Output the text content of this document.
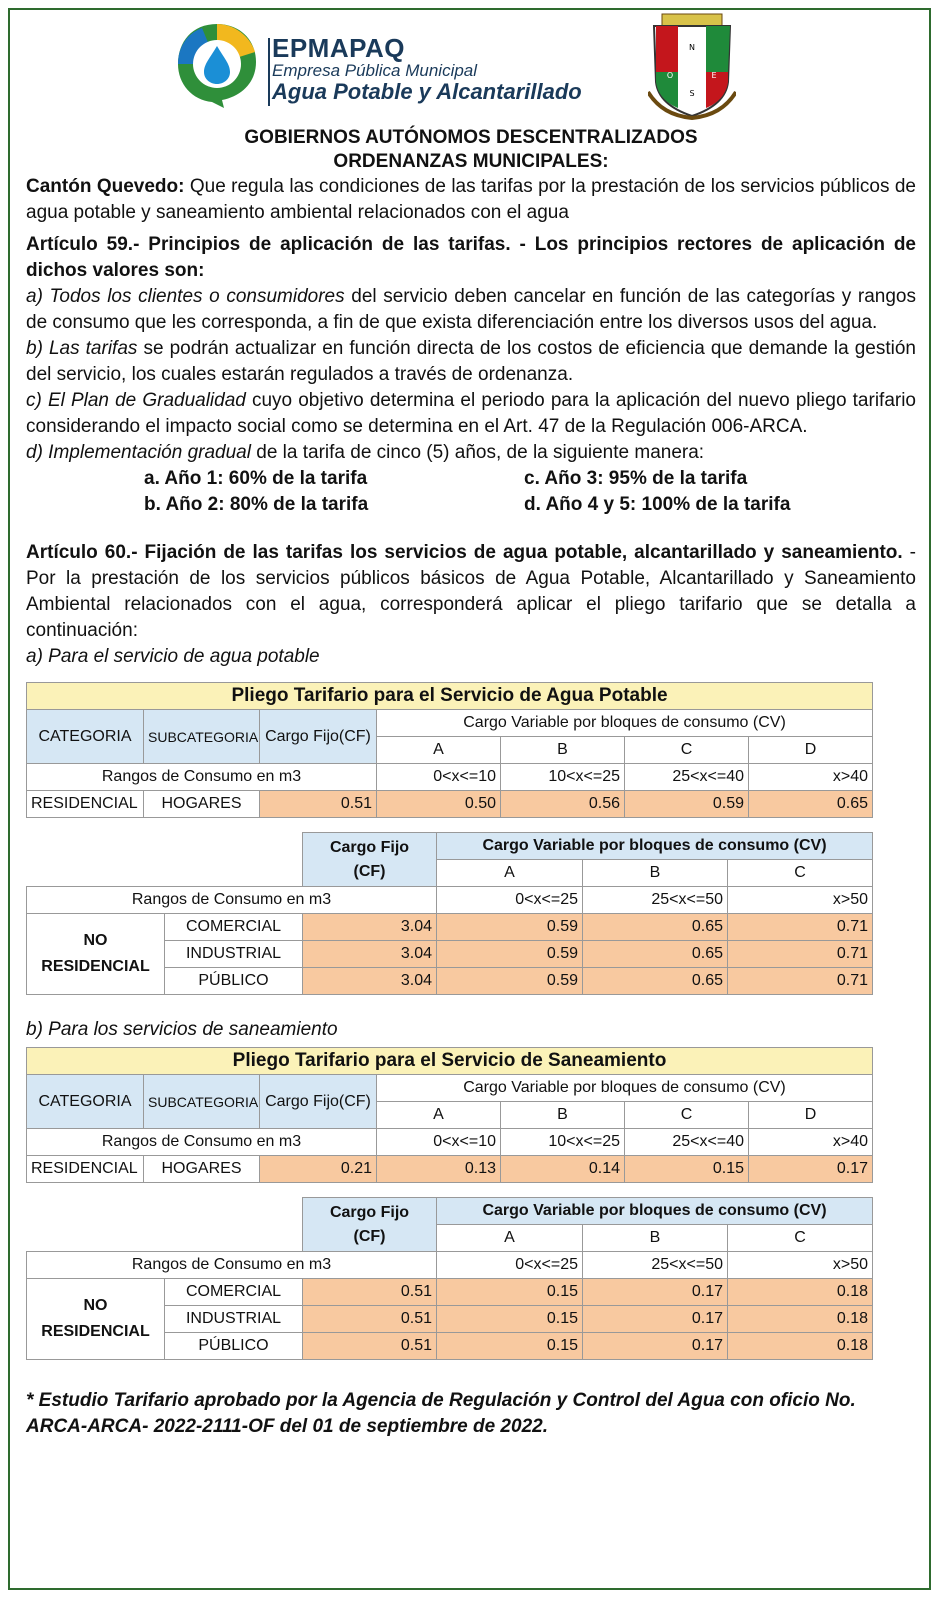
EPMAPAQ
Empresa Pública Municipal
Agua Potable y Alcantarillado
N
O	E
S
GOBIERNOS AUTÓNOMOS DESCENTRALIZADOS
ORDENANZAS MUNICIPALES:

Cantón Quevedo: Que regula las condiciones de las tarifas por la prestación de los servicios públicos de agua potable y saneamiento ambiental relacionados con el agua

Artículo 59.- Principios de aplicación de las tarifas. - Los principios rectores de aplicación de dichos valores son:

a) Todos los clientes o consumidores del servicio deben cancelar en función de las categorías y rangos de consumo que les corresponda, a fin de que exista diferenciación entre los diversos usos del agua.

b) Las tarifas se podrán actualizar en función directa de los costos de eficiencia que demande la gestión del servicio, los cuales estarán regulados a través de ordenanza.

c) El Plan de Gradualidad cuyo objetivo determina el periodo para la aplicación del nuevo pliego tarifario considerando el impacto social como se determina en el Art. 47 de la Regulación 006-ARCA.

d) Implementación gradual de la tarifa de cinco (5) años, de la siguiente manera:

a. Año 1: 60% de la tarifa	c. Año 3: 95% de la tarifa
b. Año 2: 80% de la tarifa	d. Año 4 y 5: 100% de la tarifa

Artículo 60.- Fijación de las tarifas los servicios de agua potable, alcantarillado y saneamiento. - Por la prestación de los servicios públicos básicos de Agua Potable, Alcantarillado y Saneamiento Ambiental relacionados con el agua, corresponderá aplicar el pliego tarifario que se detalla a continuación:

a) Para el servicio de agua potable

Pliego Tarifario para el Servicio de Agua Potable						
CATEGORIA	SUBCATEGORIA	Cargo Fijo(CF)	Cargo Variable por bloques de consumo (CV)			
			A	B	C	D
Rangos de Consumo en m3			0<x<=10	10<x<=25	25<x<=40	x>40
RESIDENCIAL	HOGARES	0.51	0.50	0.56	0.59	0.65
		Cargo Fijo
(CF)	Cargo Variable por bloques de consumo (CV)		
			A	B	C
Rangos de Consumo en m3			0<x<=25	25<x<=50	x>50
NO
RESIDENCIAL	COMERCIAL	3.04	0.59	0.65	0.71
	INDUSTRIAL	3.04	0.59	0.65	0.71
	PÚBLICO	3.04	0.59	0.65	0.71

b) Para los servicios de saneamiento

Pliego Tarifario para el Servicio de Saneamiento						
CATEGORIA	SUBCATEGORIA	Cargo Fijo(CF)	Cargo Variable por bloques de consumo (CV)			
			A	B	C	D
Rangos de Consumo en m3			0<x<=10	10<x<=25	25<x<=40	x>40
RESIDENCIAL	HOGARES	0.21	0.13	0.14	0.15	0.17
		Cargo Fijo
(CF)	Cargo Variable por bloques de consumo (CV)		
			A	B	C
Rangos de Consumo en m3			0<x<=25	25<x<=50	x>50
NO
RESIDENCIAL	COMERCIAL	0.51	0.15	0.17	0.18
	INDUSTRIAL	0.51	0.15	0.17	0.18
	PÚBLICO	0.51	0.15	0.17	0.18

* Estudio Tarifario aprobado por la Agencia de Regulación y Control del Agua con oficio No. ARCA-ARCA- 2022-2111-OF del 01 de septiembre de 2022.
